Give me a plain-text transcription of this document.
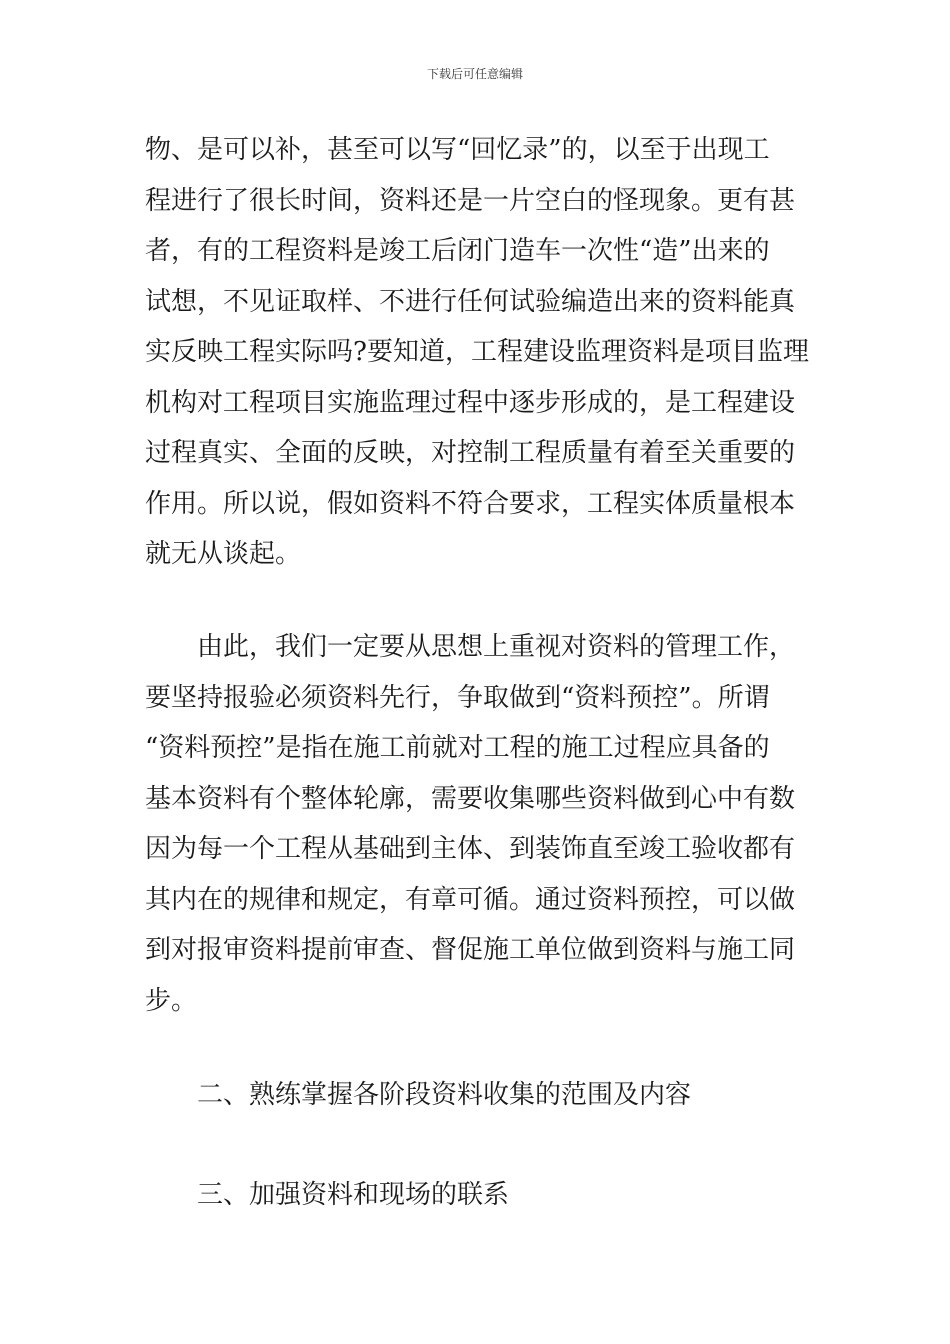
下载后可任意编辑
物、是可以补，甚至可以写“回忆录”的，以至于出现工
程进行了很长时间，资料还是一片空白的怪现象。更有甚
者，有的工程资料是竣工后闭门造车一次性“造”出来的
试想，不见证取样、不进行任何试验编造出来的资料能真
实反映工程实际吗?要知道，工程建设监理资料是项目监理
机构对工程项目实施监理过程中逐步形成的，是工程建设
过程真实、全面的反映，对控制工程质量有着至关重要的
作用。所以说，假如资料不符合要求，工程实体质量根本
就无从谈起。
　　由此，我们一定要从思想上重视对资料的管理工作，
要坚持报验必须资料先行，争取做到“资料预控”。所谓
“资料预控”是指在施工前就对工程的施工过程应具备的
基本资料有个整体轮廓，需要收集哪些资料做到心中有数
因为每一个工程从基础到主体、到装饰直至竣工验收都有
其内在的规律和规定，有章可循。通过资料预控，可以做
到对报审资料提前审查、督促施工单位做到资料与施工同
步。
　　二、熟练掌握各阶段资料收集的范围及内容
　　三、加强资料和现场的联系
